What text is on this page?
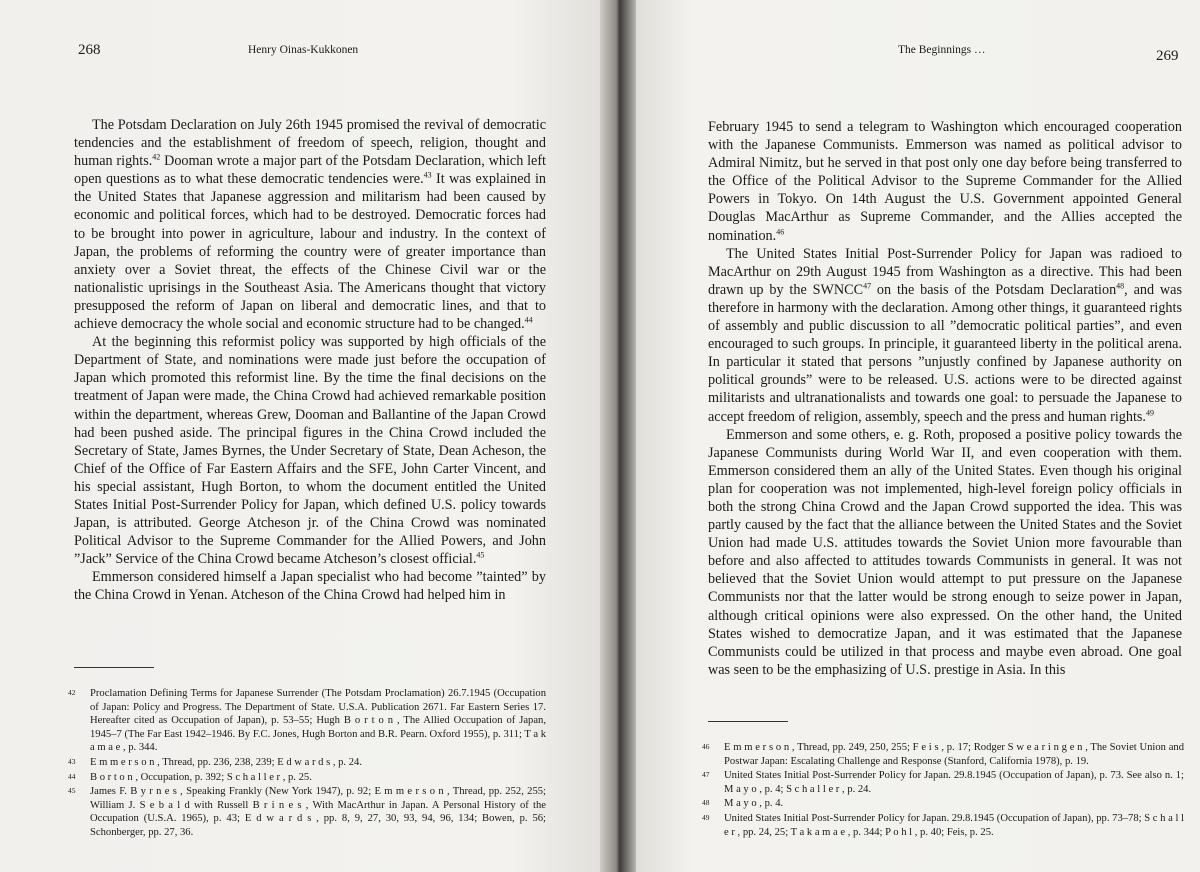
268	Henry Oinas-Kukkonen

The Potsdam Declaration on July 26th 1945 promised the revival of democratic tendencies and the establishment of freedom of speech, religion, thought and human rights.$^{42}$ Dooman wrote a major part of the Potsdam Declaration, which left open questions as to what these democratic tendencies were.$^{43}$ It was explained in the United States that Japanese aggression and militarism had been caused by economic and political forces, which had to be destroyed. Democratic forces had to be brought into power in agriculture, labour and industry. In the context of Japan, the problems of reforming the country were of greater importance than anxiety over a Soviet threat, the effects of the Chinese Civil war or the nationalistic uprisings in the Southeast Asia. The Americans thought that victory presupposed the reform of Japan on liberal and democratic lines, and that to achieve democracy the whole social and economic structure had to be changed.$^{44}$

At the beginning this reformist policy was supported by high officials of the Department of State, and nominations were made just before the occupation of Japan which promoted this reformist line. By the time the final decisions on the treatment of Japan were made, the China Crowd had achieved remarkable position within the department, whereas Grew, Dooman and Ballantine of the Japan Crowd had been pushed aside. The principal figures in the China Crowd included the Secretary of State, James Byrnes, the Under Secretary of State, Dean Acheson, the Chief of the Office of Far Eastern Affairs and the SFE, John Carter Vincent, and his special assistant, Hugh Borton, to whom the document entitled the United States Initial Post-Surrender Policy for Japan, which defined U.S. policy towards Japan, is attributed. George Atcheson jr. of the China Crowd was nominated Political Advisor to the Supreme Commander for the Allied Powers, and John ”Jack” Service of the China Crowd became Atcheson’s closest official.$^{45}$

Emmerson considered himself a Japan specialist who had become ”tainted” by the China Crowd in Yenan. Atcheson of the China Crowd had helped him in

42 Proclamation Defining Terms for Japanese Surrender (The Potsdam Proclamation) 26.7.1945 (Occupation of Japan: Policy and Progress. The Department of State. U.S.A. Publication 2671. Far Eastern Series 17. Hereafter cited as Occupation of Japan), p. 53–55; Hugh B o r t o n , The Allied Occupation of Japan, 1945–7 (The Far East 1942–1946. By F.C. Jones, Hugh Borton and B.R. Pearn. Oxford 1955), p. 311; T a k a m a e , p. 344.
43 E m m e r s o n , Thread, pp. 236, 238, 239; E d w a r d s , p. 24.
44 B o r t o n , Occupation, p. 392; S c h a l l e r , p. 25.
45 James F. B y r n e s , Speaking Frankly (New York 1947), p. 92; E m m e r s o n , Thread, pp. 252, 255; William J. S e b a l d with Russell B r i n e s , With MacArthur in Japan. A Personal History of the Occupation (U.S.A. 1965), p. 43; E d w a r d s , pp. 8, 9, 27, 30, 93, 94, 96, 134; Bowen, p. 56; Schonberger, pp. 27, 36.
The Beginnings …	269

February 1945 to send a telegram to Washington which encouraged cooperation with the Japanese Communists. Emmerson was named as political advisor to Admiral Nimitz, but he served in that post only one day before being transferred to the Office of the Political Advisor to the Supreme Commander for the Allied Powers in Tokyo. On 14th August the U.S. Government appointed General Douglas MacArthur as Supreme Commander, and the Allies accepted the nomination.$^{46}$

The United States Initial Post-Surrender Policy for Japan was radioed to MacArthur on 29th August 1945 from Washington as a directive. This had been drawn up by the SWNCC$^{47}$ on the basis of the Potsdam Declaration$^{48}$, and was therefore in harmony with the declaration. Among other things, it guaranteed rights of assembly and public discussion to all ”democratic political parties”, and even encouraged to such groups. In principle, it guaranteed liberty in the political arena. In particular it stated that persons ”unjustly confined by Japanese authority on political grounds” were to be released. U.S. actions were to be directed against militarists and ultranationalists and towards one goal: to persuade the Japanese to accept freedom of religion, assembly, speech and the press and human rights.$^{49}$

Emmerson and some others, e. g. Roth, proposed a positive policy towards the Japanese Communists during World War II, and even cooperation with them. Emmerson considered them an ally of the United States. Even though his original plan for cooperation was not implemented, high-level foreign policy officials in both the strong China Crowd and the Japan Crowd supported the idea. This was partly caused by the fact that the alliance between the United States and the Soviet Union had made U.S. attitudes towards the Soviet Union more favourable than before and also affected to attitudes towards Communists in general. It was not believed that the Soviet Union would attempt to put pressure on the Japanese Communists nor that the latter would be strong enough to seize power in Japan, although critical opinions were also expressed. On the other hand, the United States wished to democratize Japan, and it was estimated that the Japanese Communists could be utilized in that process and maybe even abroad. One goal was seen to be the emphasizing of U.S. prestige in Asia. In this

46 E m m e r s o n , Thread, pp. 249, 250, 255; F e i s , p. 17; Rodger S w e a r i n g e n , The Soviet Union and Postwar Japan: Escalating Challenge and Response (Stanford, California 1978), p. 19.
47 United States Initial Post-Surrender Policy for Japan. 29.8.1945 (Occupation of Japan), p. 73. See also n. 1; M a y o , p. 4; S c h a l l e r , p. 24.
48 M a y o , p. 4.
49 United States Initial Post-Surrender Policy for Japan. 29.8.1945 (Occupation of Japan), pp. 73–78; S c h a l l e r , pp. 24, 25; T a k a m a e , p. 344; P o h l , p. 40; Feis, p. 25.
